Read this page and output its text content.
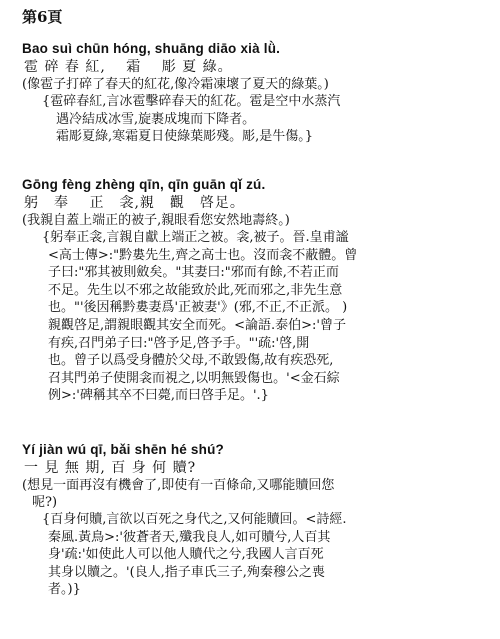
第6頁
Bao suì chūn hóng, shuāng diāo xià lǜ.
雹 碎 春 紅,　 霜　 彫 夏 綠。
(像雹子打碎了春天的紅花,像冷霜凍壞了夏天的綠葉。)
{雹碎春紅,言冰雹擊碎春天的紅花。雹是空中水蒸汽
遇冷結成冰雪,旋裹成塊而下降者。
霜彫夏綠,寒霜夏日使綠葉彫殘。彫,是牛傷。}
Gōng fèng zhèng qīn, qīn guān qǐ zú.
躬　奉　 正　衾,親　觀　啓足。
(我親自蓋上端正的被子,親眼看您安然地壽終。)
{躬奉正衾,言親自獻上端正之被。衾,被子。晉.皇甫謐
<高士傳>:"黔婁先生,齊之高士也。沒而衾不蔽體。曾
子曰:"邪其被則斂矣。"其妻曰:"邪而有餘,不若正而
不足。先生以不邪之故能致於此,死而邪之,非先生意
也。"'後因稱黔婁妻爲'正被妻'》(邪,不正,不正派。 )
親觀啓足,謂親眼觀其安全而死。<論語.泰伯>:'曾子
有疾,召門弟子曰:"啓予足,啓予手。"'疏:'啓,開
也。曾子以爲受身體於父母,不敢毀傷,故有疾恐死,
召其門弟子使開衾而視之,以明無毀傷也。'<金石綜
例>:'碑稱其卒不曰薨,而曰啓手足。'.}
Yí jiàn wú qī, bǎi shēn hé shú?
一 見 無 期, 百 身 何 贖?
(想見一面再沒有機會了,即使有一百條命,又哪能贖回您
呢?)
{百身何贖,言欲以百死之身代之,又何能贖回。<詩經.
秦風.黃鳥>:'彼蒼者天,殲我良人,如可贖兮,人百其
身'疏:'如使此人可以他人贖代之兮,我國人言百死
其身以贖之。'(良人,指子車氏三子,殉秦穆公之喪
者。)}
